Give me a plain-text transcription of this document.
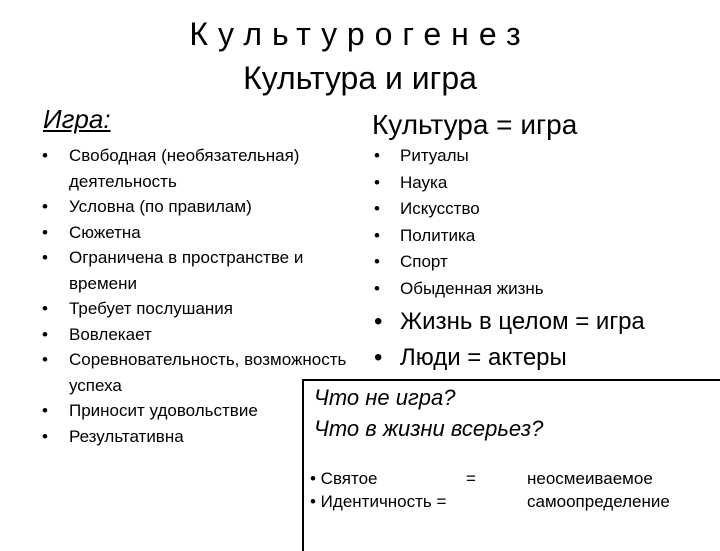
Культурогенез
Культура и игра
Игра:
• Свободная (необязательная) деятельность
• Условна (по правилам)
• Сюжетна
• Ограничена в пространстве и времени
• Требует послушания
• Вовлекает
• Соревновательность, возможность успеха
• Приносит удовольствие
• Результативна
Культура = игра
• Ритуалы
• Наука
• Искусство
• Политика
• Спорт
• Обыденная жизнь
• Жизнь в целом = игра
• Люди = актеры
Что не игра?
Что в жизни всерьез?
• Святое	=	неосмеиваемое
• Идентичность =	самоопределение
